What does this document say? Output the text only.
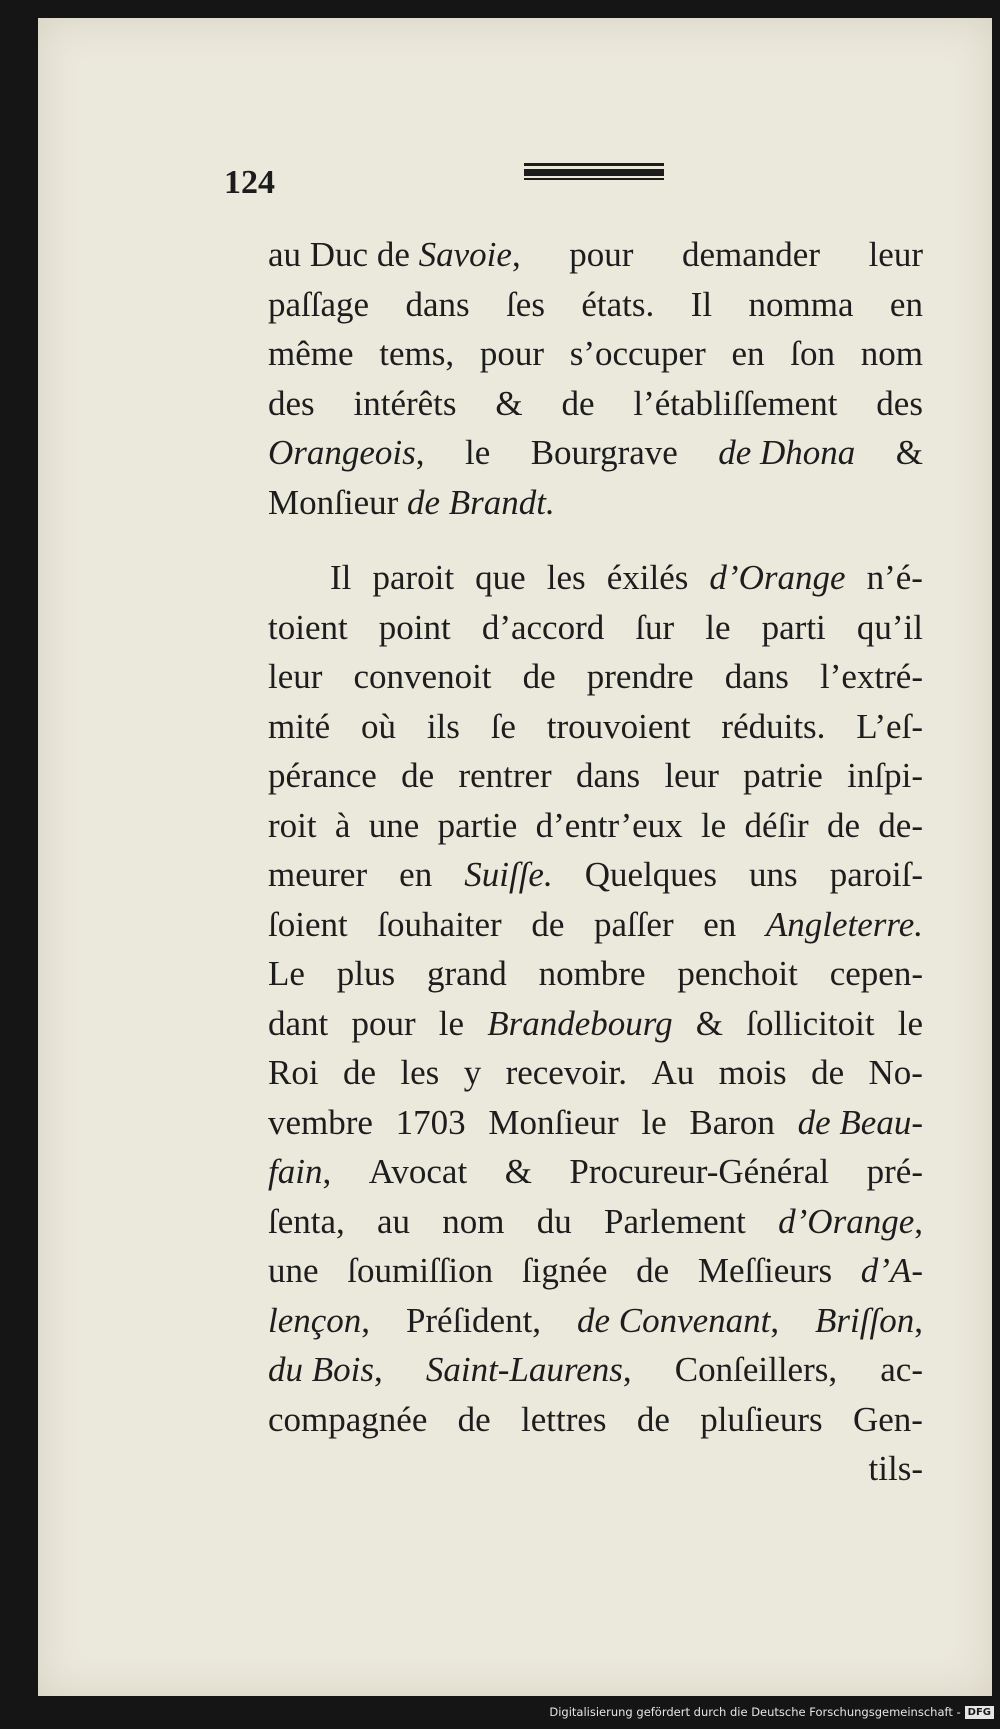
124
au Duc de Savoie, pour demander leur
paſſage dans ſes états. Il nomma en
même tems, pour s’occuper en ſon nom
des intérêts & de l’établiſſement des
Orangeois, le Bourgrave de Dhona &
Monſieur de Brandt.
Il paroit que les éxilés d’Orange n’é-
toient point d’accord ſur le parti qu’il
leur convenoit de prendre dans l’extré-
mité où ils ſe trouvoient réduits. L’eſ-
pérance de rentrer dans leur patrie inſpi-
roit à une partie d’entr’eux le déſir de de-
meurer en Suiſſe. Quelques uns paroiſ-
ſoient ſouhaiter de paſſer en Angleterre.
Le plus grand nombre penchoit cepen-
dant pour le Brandebourg & ſollicitoit le
Roi de les y recevoir. Au mois de No-
vembre 1703 Monſieur le Baron de Beau-
fain, Avocat & Procureur-Général pré-
ſenta, au nom du Parlement d’Orange,
une ſoumiſſion ſignée de Meſſieurs d’A-
lençon, Préſident, de Convenant, Briſſon,
du Bois, Saint-Laurens, Conſeillers, ac-
compagnée de lettres de pluſieurs Gen-
tils-
Digitalisierung gefördert durch die Deutsche Forschungsgemeinschaft - DFG
